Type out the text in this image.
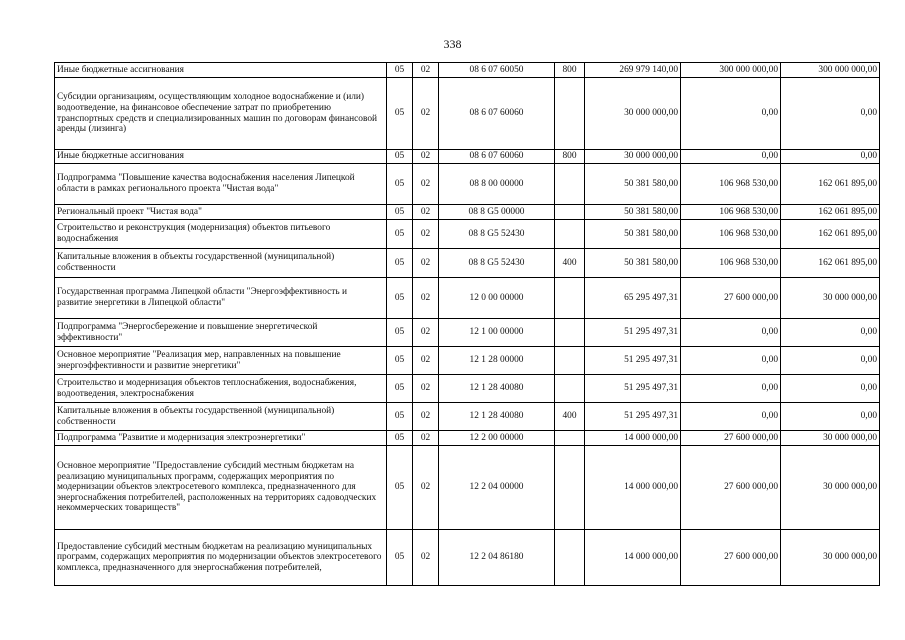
338
Иные бюджетные ассигнования	05	02	08 6 07 60050	800	269 979 140,00	300 000 000,00	300 000 000,00
Субсидии организациям, осуществляющим холодное водоснабжение и (или) водоотведение, на финансовое обеспечение затрат по приобретению транспортных средств и специализированных машин по договорам финансовой аренды (лизинга)	05	02	08 6 07 60060		30 000 000,00	0,00	0,00
Иные бюджетные ассигнования	05	02	08 6 07 60060	800	30 000 000,00	0,00	0,00
Подпрограмма "Повышение качества водоснабжения населения Липецкой области в рамках регионального проекта "Чистая вода"	05	02	08 8 00 00000		50 381 580,00	106 968 530,00	162 061 895,00
Региональный проект "Чистая вода"	05	02	08 8 G5 00000		50 381 580,00	106 968 530,00	162 061 895,00
Строительство и реконструкция (модернизация) объектов питьевого водоснабжения	05	02	08 8 G5 52430		50 381 580,00	106 968 530,00	162 061 895,00
Капитальные вложения в объекты государственной (муниципальной) собственности	05	02	08 8 G5 52430	400	50 381 580,00	106 968 530,00	162 061 895,00
Государственная программа Липецкой области "Энергоэффективность и развитие энергетики в Липецкой области"	05	02	12 0 00 00000		65 295 497,31	27 600 000,00	30 000 000,00
Подпрограмма "Энергосбережение и повышение энергетической эффективности"	05	02	12 1 00 00000		51 295 497,31	0,00	0,00
Основное мероприятие "Реализация мер, направленных на повышение энергоэффективности и развитие энергетики"	05	02	12 1 28 00000		51 295 497,31	0,00	0,00
Строительство и модернизация объектов теплоснабжения, водоснабжения, водоотведения, электроснабжения	05	02	12 1 28 40080		51 295 497,31	0,00	0,00
Капитальные вложения в объекты государственной (муниципальной) собственности	05	02	12 1 28 40080	400	51 295 497,31	0,00	0,00
Подпрограмма "Развитие и модернизация электроэнергетики"	05	02	12 2 00 00000		14 000 000,00	27 600 000,00	30 000 000,00
Основное мероприятие "Предоставление субсидий местным бюджетам на реализацию муниципальных программ, содержащих мероприятия по модернизации объектов электросетевого комплекса, предназначенного для энергоснабжения потребителей, расположенных на территориях садоводческих некоммерческих товариществ"	05	02	12 2 04 00000		14 000 000,00	27 600 000,00	30 000 000,00
Предоставление субсидий местным бюджетам на реализацию муниципальных программ, содержащих мероприятия по модернизации объектов электросетевого комплекса, предназначенного для энергоснабжения потребителей,	05	02	12 2 04 86180		14 000 000,00	27 600 000,00	30 000 000,00
